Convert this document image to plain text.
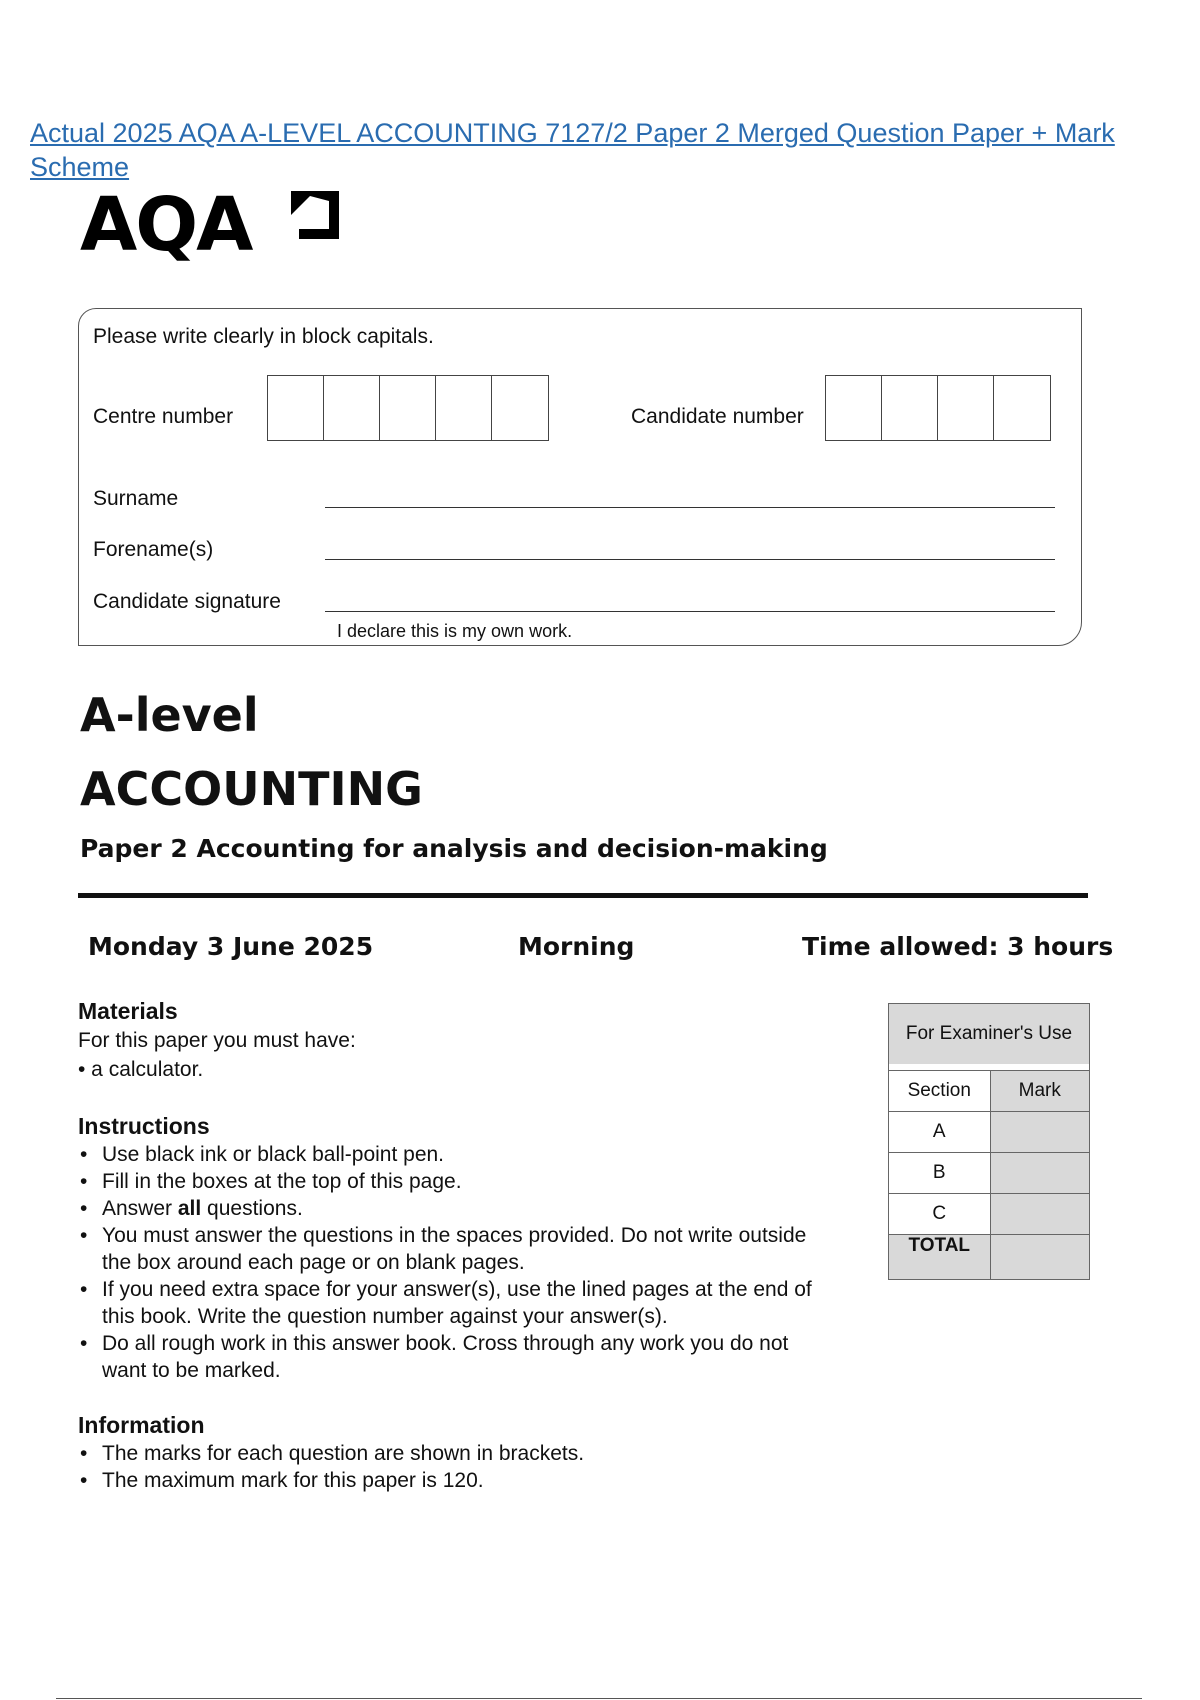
Actual 2025 AQA A-LEVEL ACCOUNTING 7127/2 Paper 2 Merged Question Paper + Mark Scheme
AQA
Please write clearly in block capitals.
Centre number	Candidate number
Surname
Forename(s)
Candidate signature
I declare this is my own work.
A-level
ACCOUNTING
Paper 2 Accounting for analysis and decision-making
Monday 3 June 2025	Morning	Time allowed: 3 hours
Materials
For this paper you must have:
• a calculator.
Instructions
• Use black ink or black ball-point pen.
• Fill in the boxes at the top of this page.
• Answer all questions.
• You must answer the questions in the spaces provided. Do not write outside the box around each page or on blank pages.
• If you need extra space for your answer(s), use the lined pages at the end of this book. Write the question number against your answer(s).
• Do all rough work in this answer book. Cross through any work you do not want to be marked.
Information
• The marks for each question are shown in brackets.
• The maximum mark for this paper is 120.
For Examiner's Use	

Section	Mark
A	
B	
C	
TOTAL	
